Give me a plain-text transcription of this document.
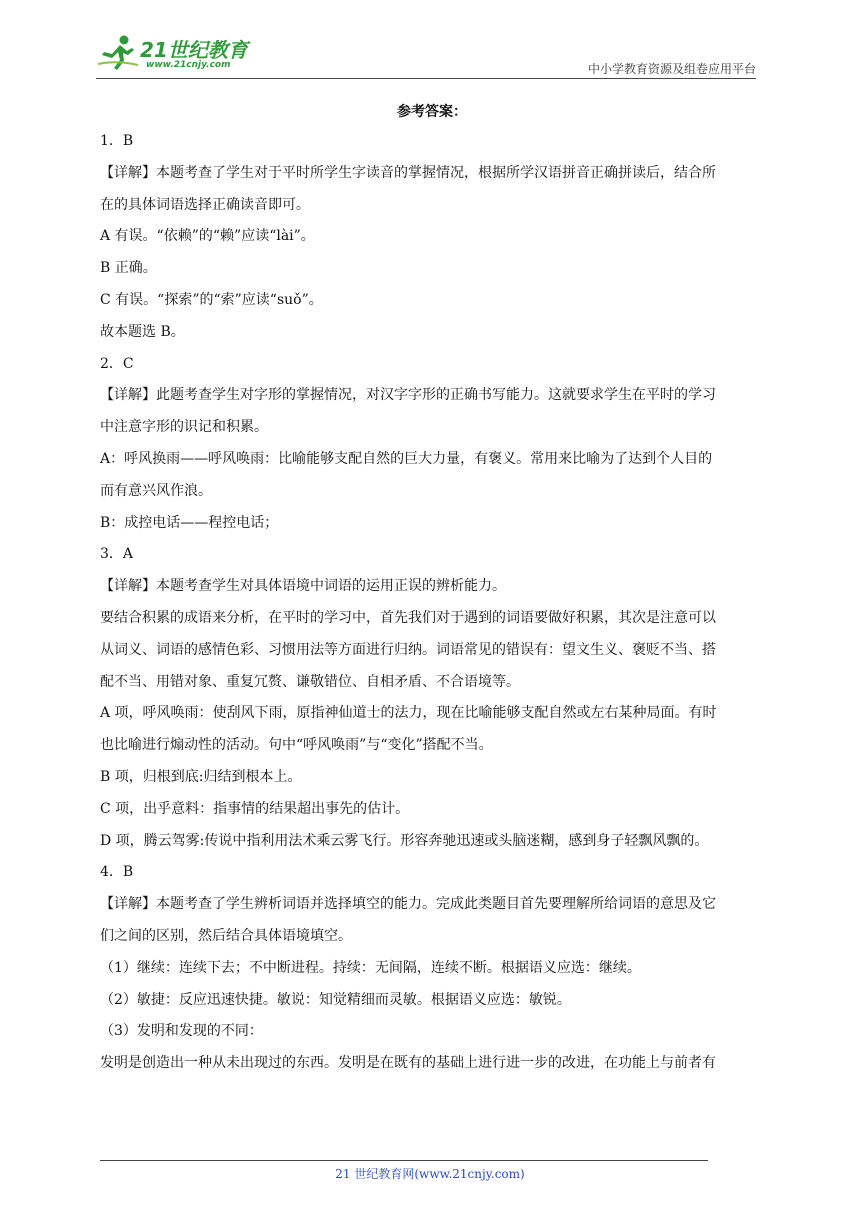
21世纪教育
www.21cnjy.com	中小学教育资源及组卷应用平台
参考答案：

1．B

【详解】本题考查了学生对于平时所学生字读音的掌握情况，根据所学汉语拼音正确拼读后，结合所

在的具体词语选择正确读音即可。

A 有误。“依赖”的“赖”应读“lài”。

B 正确。

C 有误。“探索”的“索”应读“suǒ”。

故本题选 B。

2．C

【详解】此题考查学生对字形的掌握情况，对汉字字形的正确书写能力。这就要求学生在平时的学习

中注意字形的识记和积累。

A：呼风换雨——呼风唤雨：比喻能够支配自然的巨大力量，有褒义。常用来比喻为了达到个人目的

而有意兴风作浪。

B：成控电话——程控电话；

3．A

【详解】本题考查学生对具体语境中词语的运用正误的辨析能力。

要结合积累的成语来分析，在平时的学习中，首先我们对于遇到的词语要做好积累，其次是注意可以

从词义、词语的感情色彩、习惯用法等方面进行归纳。词语常见的错误有：望文生义、褒贬不当、搭

配不当、用错对象、重复冗赘、谦敬错位、自相矛盾、不合语境等。

A 项，呼风唤雨：使刮风下雨，原指神仙道士的法力，现在比喻能够支配自然或左右某种局面。有时

也比喻进行煽动性的活动。句中“呼风唤雨”与“变化”搭配不当。

B 项，归根到底:归结到根本上。

C 项，出乎意料：指事情的结果超出事先的估计。

D 项，腾云驾雾:传说中指利用法术乘云雾飞行。形容奔驰迅速或头脑迷糊，感到身子轻飘风飘的。

4．B

【详解】本题考查了学生辨析词语并选择填空的能力。完成此类题目首先要理解所给词语的意思及它

们之间的区别，然后结合具体语境填空。

（1）继续：连续下去；不中断进程。持续：无间隔，连续不断。根据语义应选：继续。

（2）敏捷：反应迅速快捷。敏说：知觉精细而灵敏。根据语义应选：敏锐。

（3）发明和发现的不同：

发明是创造出一种从未出现过的东西。发明是在既有的基础上进行进一步的改进，在功能上与前者有

21 世纪教育网(www.21cnjy.com)
